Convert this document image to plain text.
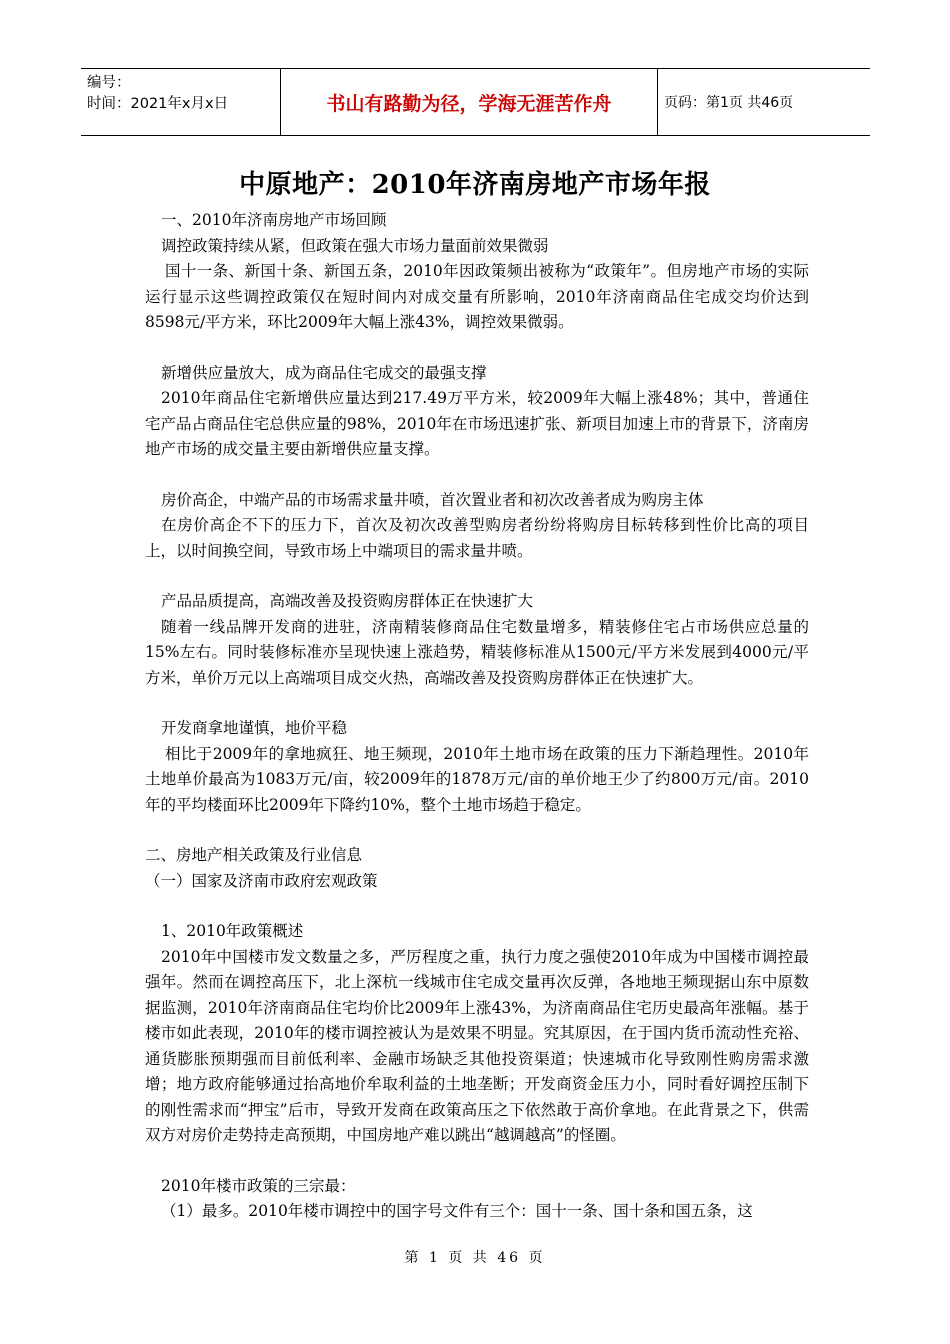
编号：
时间：2021年x月x日	书山有路勤为径，学海无涯苦作舟	页码：第1页 共46页
中原地产：2010年济南房地产市场年报

一、2010年济南房地产市场回顾

调控政策持续从紧，但政策在强大市场力量面前效果微弱

国十一条、新国十条、新国五条，2010年因政策频出被称为“政策年”。但房地产市场的实际运行显示这些调控政策仅在短时间内对成交量有所影响，2010年济南商品住宅成交均价达到8598元/平方米，环比2009年大幅上涨43%，调控效果微弱。

新增供应量放大，成为商品住宅成交的最强支撑

2010年商品住宅新增供应量达到217.49万平方米，较2009年大幅上涨48%；其中，普通住宅产品占商品住宅总供应量的98%，2010年在市场迅速扩张、新项目加速上市的背景下，济南房地产市场的成交量主要由新增供应量支撑。

房价高企，中端产品的市场需求量井喷，首次置业者和初次改善者成为购房主体

在房价高企不下的压力下，首次及初次改善型购房者纷纷将购房目标转移到性价比高的项目上，以时间换空间，导致市场上中端项目的需求量井喷。

产品品质提高，高端改善及投资购房群体正在快速扩大

随着一线品牌开发商的进驻，济南精装修商品住宅数量增多，精装修住宅占市场供应总量的15%左右。同时装修标准亦呈现快速上涨趋势，精装修标准从1500元/平方米发展到4000元/平方米，单价万元以上高端项目成交火热，高端改善及投资购房群体正在快速扩大。

开发商拿地谨慎，地价平稳

相比于2009年的拿地疯狂、地王频现，2010年土地市场在政策的压力下渐趋理性。2010年土地单价最高为1083万元/亩，较2009年的1878万元/亩的单价地王少了约800万元/亩。2010年的平均楼面环比2009年下降约10%，整个土地市场趋于稳定。

二、房地产相关政策及行业信息

（一）国家及济南市政府宏观政策

1、2010年政策概述

2010年中国楼市发文数量之多，严厉程度之重，执行力度之强使2010年成为中国楼市调控最强年。然而在调控高压下，北上深杭一线城市住宅成交量再次反弹，各地地王频现据山东中原数据监测，2010年济南商品住宅均价比2009年上涨43%，为济南商品住宅历史最高年涨幅。基于楼市如此表现，2010年的楼市调控被认为是效果不明显。究其原因，在于国内货币流动性充裕、通货膨胀预期强而目前低利率、金融市场缺乏其他投资渠道；快速城市化导致刚性购房需求激增；地方政府能够通过抬高地价牟取利益的土地垄断；开发商资金压力小，同时看好调控压制下的刚性需求而“押宝”后市，导致开发商在政策高压之下依然敢于高价拿地。在此背景之下，供需双方对房价走势持走高预期，中国房地产难以跳出“越调越高”的怪圈。

2010年楼市政策的三宗最：

（1）最多。2010年楼市调控中的国字号文件有三个：国十一条、国十条和国五条，这

第 1 页 共 46 页
